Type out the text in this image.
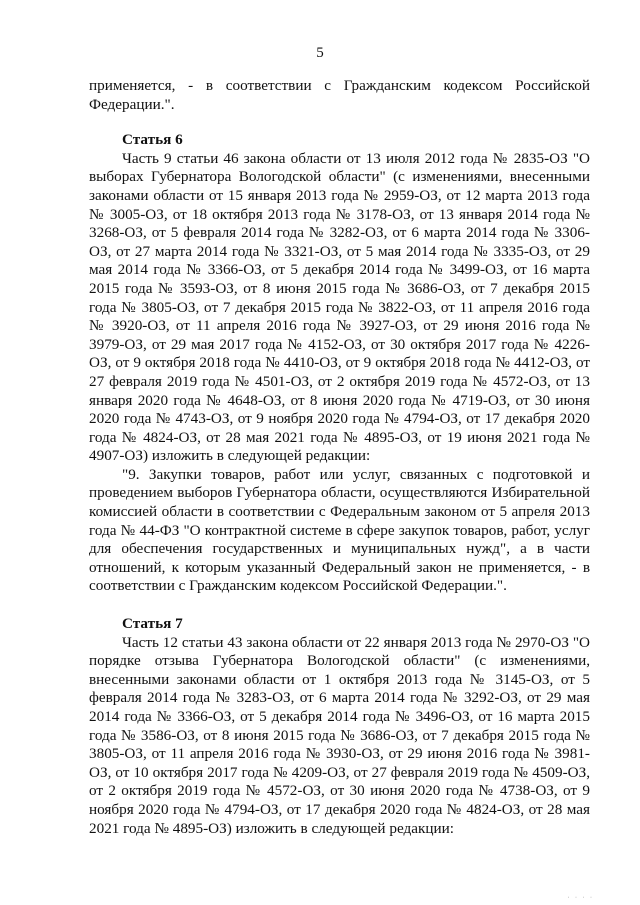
5

применяется, - в соответствии с Гражданским кодексом Российской Федерации.".

Статья 6

Часть 9 статьи 46 закона области от 13 июля 2012 года № 2835-ОЗ "О выборах Губернатора Вологодской области" (с изменениями, внесенными законами области от 15 января 2013 года № 2959-ОЗ, от 12 марта 2013 года № 3005-ОЗ, от 18 октября 2013 года № 3178-ОЗ, от 13 января 2014 года № 3268-ОЗ, от 5 февраля 2014 года № 3282-ОЗ, от 6 марта 2014 года № 3306-ОЗ, от 27 марта 2014 года № 3321-ОЗ, от 5 мая 2014 года № 3335-ОЗ, от 29 мая 2014 года № 3366-ОЗ, от 5 декабря 2014 года № 3499-ОЗ, от 16 марта 2015 года № 3593-ОЗ, от 8 июня 2015 года № 3686-ОЗ, от 7 декабря 2015 года № 3805-ОЗ, от 7 декабря 2015 года № 3822-ОЗ, от 11 апреля 2016 года № 3920-ОЗ, от 11 апреля 2016 года № 3927-ОЗ, от 29 июня 2016 года № 3979-ОЗ, от 29 мая 2017 года № 4152-ОЗ, от 30 октября 2017 года № 4226-ОЗ, от 9 октября 2018 года № 4410-ОЗ, от 9 октября 2018 года № 4412-ОЗ, от 27 февраля 2019 года № 4501-ОЗ, от 2 октября 2019 года № 4572-ОЗ, от 13 января 2020 года № 4648-ОЗ, от 8 июня 2020 года № 4719-ОЗ, от 30 июня 2020 года № 4743-ОЗ, от 9 ноября 2020 года № 4794-ОЗ, от 17 декабря 2020 года № 4824-ОЗ, от 28 мая 2021 года № 4895-ОЗ, от 19 июня 2021 года № 4907-ОЗ) изложить в следующей редакции:

"9. Закупки товаров, работ или услуг, связанных с подготовкой и проведением выборов Губернатора области, осуществляются Избирательной комиссией области в соответствии с Федеральным законом от 5 апреля 2013 года № 44-ФЗ "О контрактной системе в сфере закупок товаров, работ, услуг для обеспечения государственных и муниципальных нужд", а в части отношений, к которым указанный Федеральный закон не применяется, - в соответствии с Гражданским кодексом Российской Федерации.".

Статья 7

Часть 12 статьи 43 закона области от 22 января 2013 года № 2970-ОЗ "О порядке отзыва Губернатора Вологодской области" (с изменениями, внесенными законами области от 1 октября 2013 года № 3145-ОЗ, от 5 февраля 2014 года № 3283-ОЗ, от 6 марта 2014 года № 3292-ОЗ, от 29 мая 2014 года № 3366-ОЗ, от 5 декабря 2014 года № 3496-ОЗ, от 16 марта 2015 года № 3586-ОЗ, от 8 июня 2015 года № 3686-ОЗ, от 7 декабря 2015 года № 3805-ОЗ, от 11 апреля 2016 года № 3930-ОЗ, от 29 июня 2016 года № 3981-ОЗ, от 10 октября 2017 года № 4209-ОЗ, от 27 февраля 2019 года № 4509-ОЗ, от 2 октября 2019 года № 4572-ОЗ, от 30 июня 2020 года № 4738-ОЗ, от 9 ноября 2020 года № 4794-ОЗ, от 17 декабря 2020 года № 4824-ОЗ, от 28 мая 2021 года № 4895-ОЗ) изложить в следующей редакции:

· · · ·
